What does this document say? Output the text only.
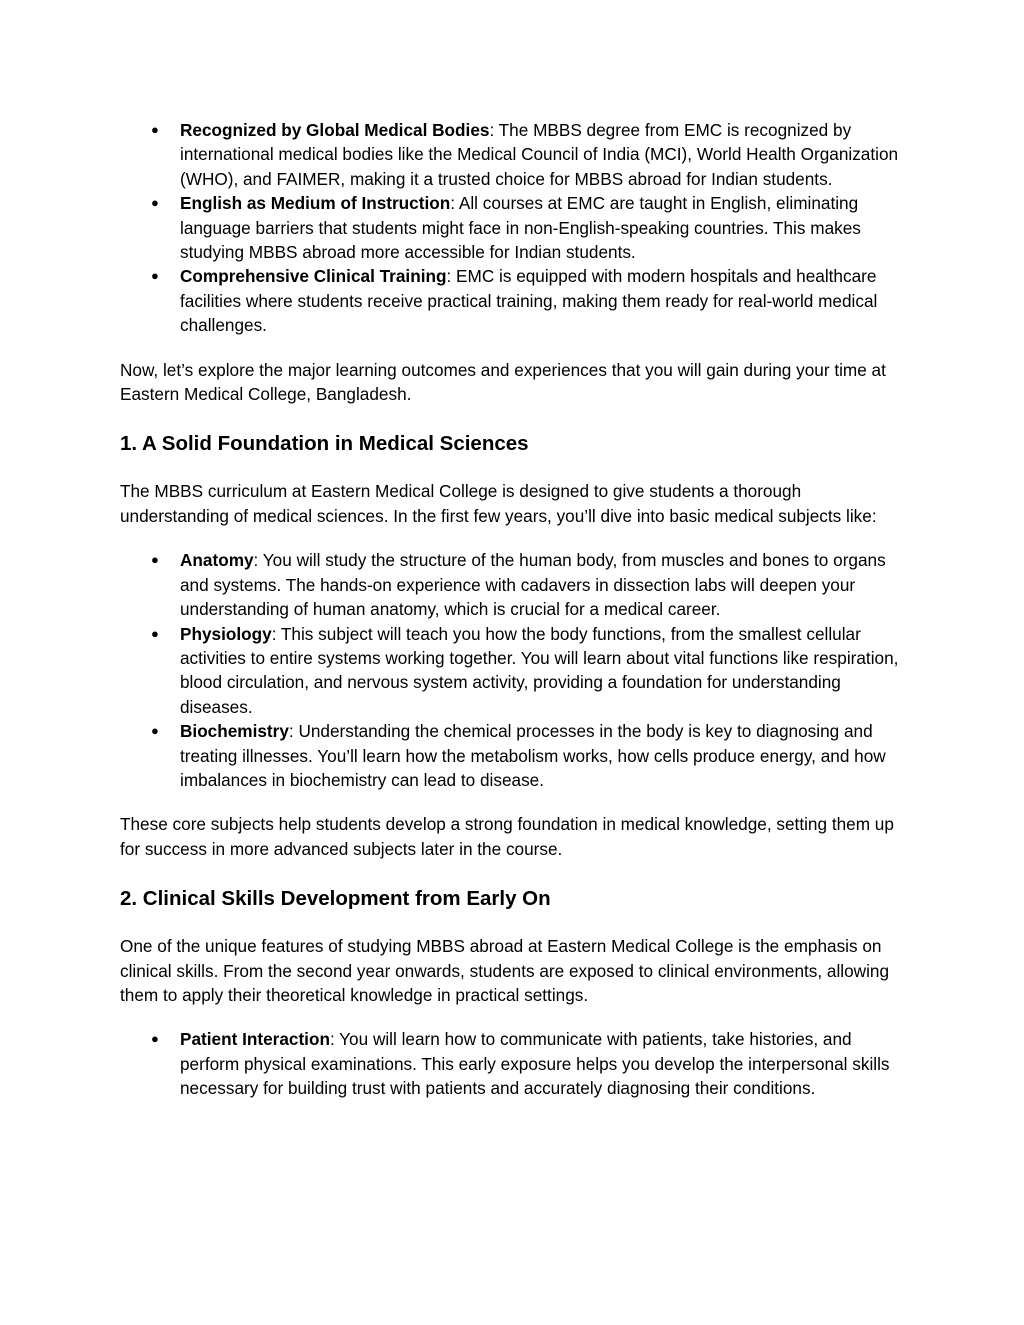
● Recognized by Global Medical Bodies: The MBBS degree from EMC is recognized by international medical bodies like the Medical Council of India (MCI), World Health Organization (WHO), and FAIMER, making it a trusted choice for MBBS abroad for Indian students.
● English as Medium of Instruction: All courses at EMC are taught in English, eliminating language barriers that students might face in non-English-speaking countries. This makes studying MBBS abroad more accessible for Indian students.
● Comprehensive Clinical Training: EMC is equipped with modern hospitals and healthcare facilities where students receive practical training, making them ready for real-world medical challenges.

Now, let’s explore the major learning outcomes and experiences that you will gain during your time at Eastern Medical College, Bangladesh.

1. A Solid Foundation in Medical Sciences

The MBBS curriculum at Eastern Medical College is designed to give students a thorough understanding of medical sciences. In the first few years, you’ll dive into basic medical subjects like:

● Anatomy: You will study the structure of the human body, from muscles and bones to organs and systems. The hands-on experience with cadavers in dissection labs will deepen your understanding of human anatomy, which is crucial for a medical career.
● Physiology: This subject will teach you how the body functions, from the smallest cellular activities to entire systems working together. You will learn about vital functions like respiration, blood circulation, and nervous system activity, providing a foundation for understanding diseases.
● Biochemistry: Understanding the chemical processes in the body is key to diagnosing and treating illnesses. You’ll learn how the metabolism works, how cells produce energy, and how imbalances in biochemistry can lead to disease.

These core subjects help students develop a strong foundation in medical knowledge, setting them up for success in more advanced subjects later in the course.

2. Clinical Skills Development from Early On

One of the unique features of studying MBBS abroad at Eastern Medical College is the emphasis on clinical skills. From the second year onwards, students are exposed to clinical environments, allowing them to apply their theoretical knowledge in practical settings.

● Patient Interaction: You will learn how to communicate with patients, take histories, and perform physical examinations. This early exposure helps you develop the interpersonal skills necessary for building trust with patients and accurately diagnosing their conditions.
